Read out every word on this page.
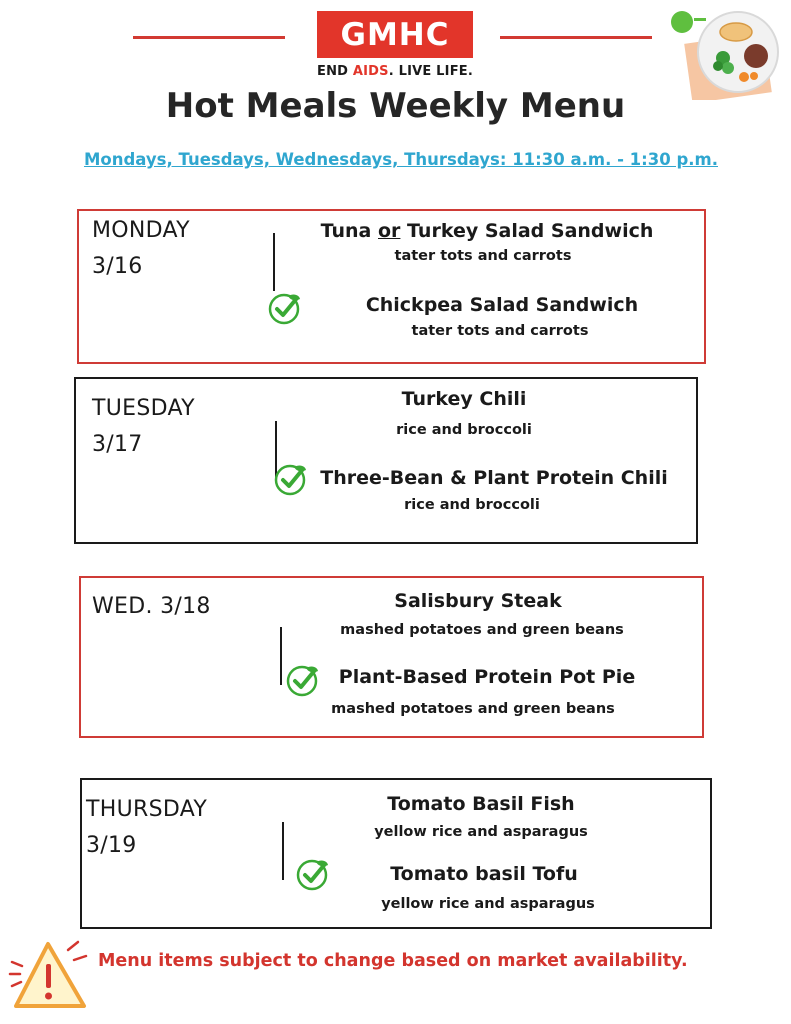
GMHC
END AIDS. LIVE LIFE.
Hot Meals Weekly Menu
Mondays, Tuesdays, Wednesdays, Thursdays: 11:30 a.m. - 1:30 p.m.
MONDAY
3/16
Tuna or Turkey Salad Sandwich
tater tots and carrots
Chickpea Salad Sandwich
tater tots and carrots
TUESDAY
3/17
Turkey Chili
rice and broccoli
Three-Bean & Plant Protein Chili
rice and broccoli
WED. 3/18	Salisbury Steak
mashed potatoes and green beans
Plant-Based Protein Pot Pie
mashed potatoes and green beans
THURSDAY
3/19
Tomato Basil Fish
yellow rice and asparagus
Tomato basil Tofu
yellow rice and asparagus
Menu items subject to change based on market availability.
